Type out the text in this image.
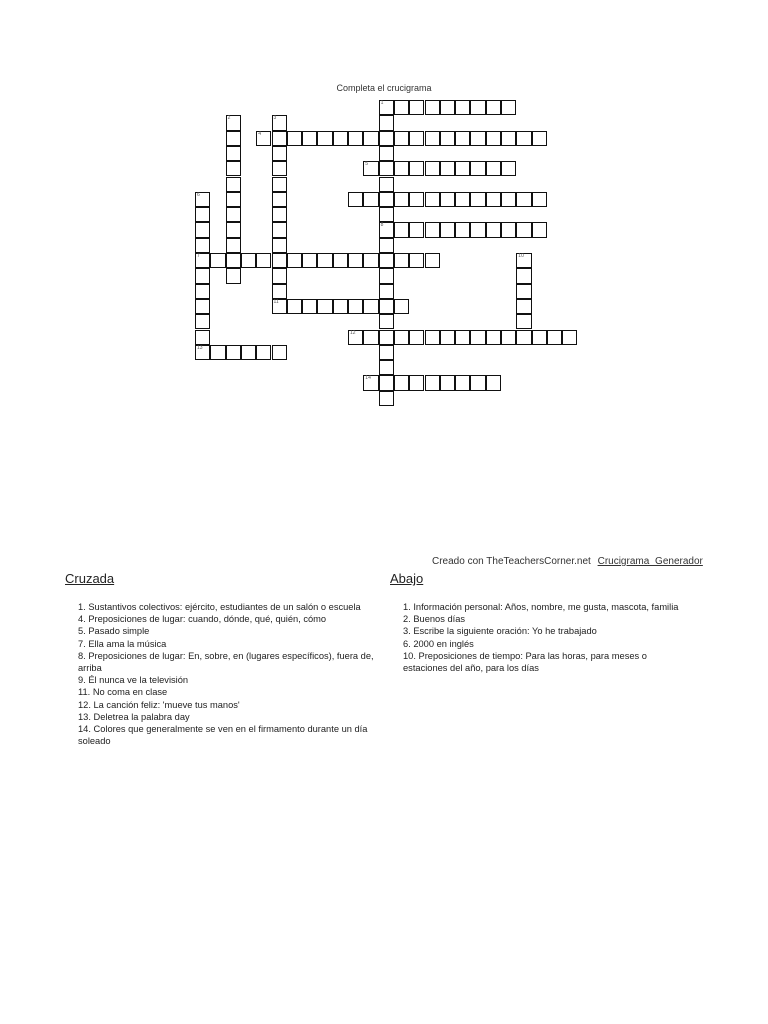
Completa el crucigrama
1
8
2	3
11
4
5
6
7
13
10
12
14
Creado con TheTeachersCorner.net Crucigrama Generador
Cruzada
1. Sustantivos colectivos: ejército, estudiantes de un salón o escuela
4. Preposiciones de lugar: cuando, dónde, qué, quién, cómo
5. Pasado simple
7. Ella ama la música
8. Preposiciones de lugar: En, sobre, en (lugares específicos), fuera de, arriba
9. Él nunca ve la televisión
11. No coma en clase
12. La canción feliz: 'mueve tus manos'
13. Deletrea la palabra day
14. Colores que generalmente se ven en el firmamento durante un día soleado
Abajo
1. Información personal: Años, nombre, me gusta, mascota, familia
2. Buenos días
3. Escribe la siguiente oración: Yo he trabajado
6. 2000 en inglés
10. Preposiciones de tiempo: Para las horas, para meses o estaciones del año, para los días
